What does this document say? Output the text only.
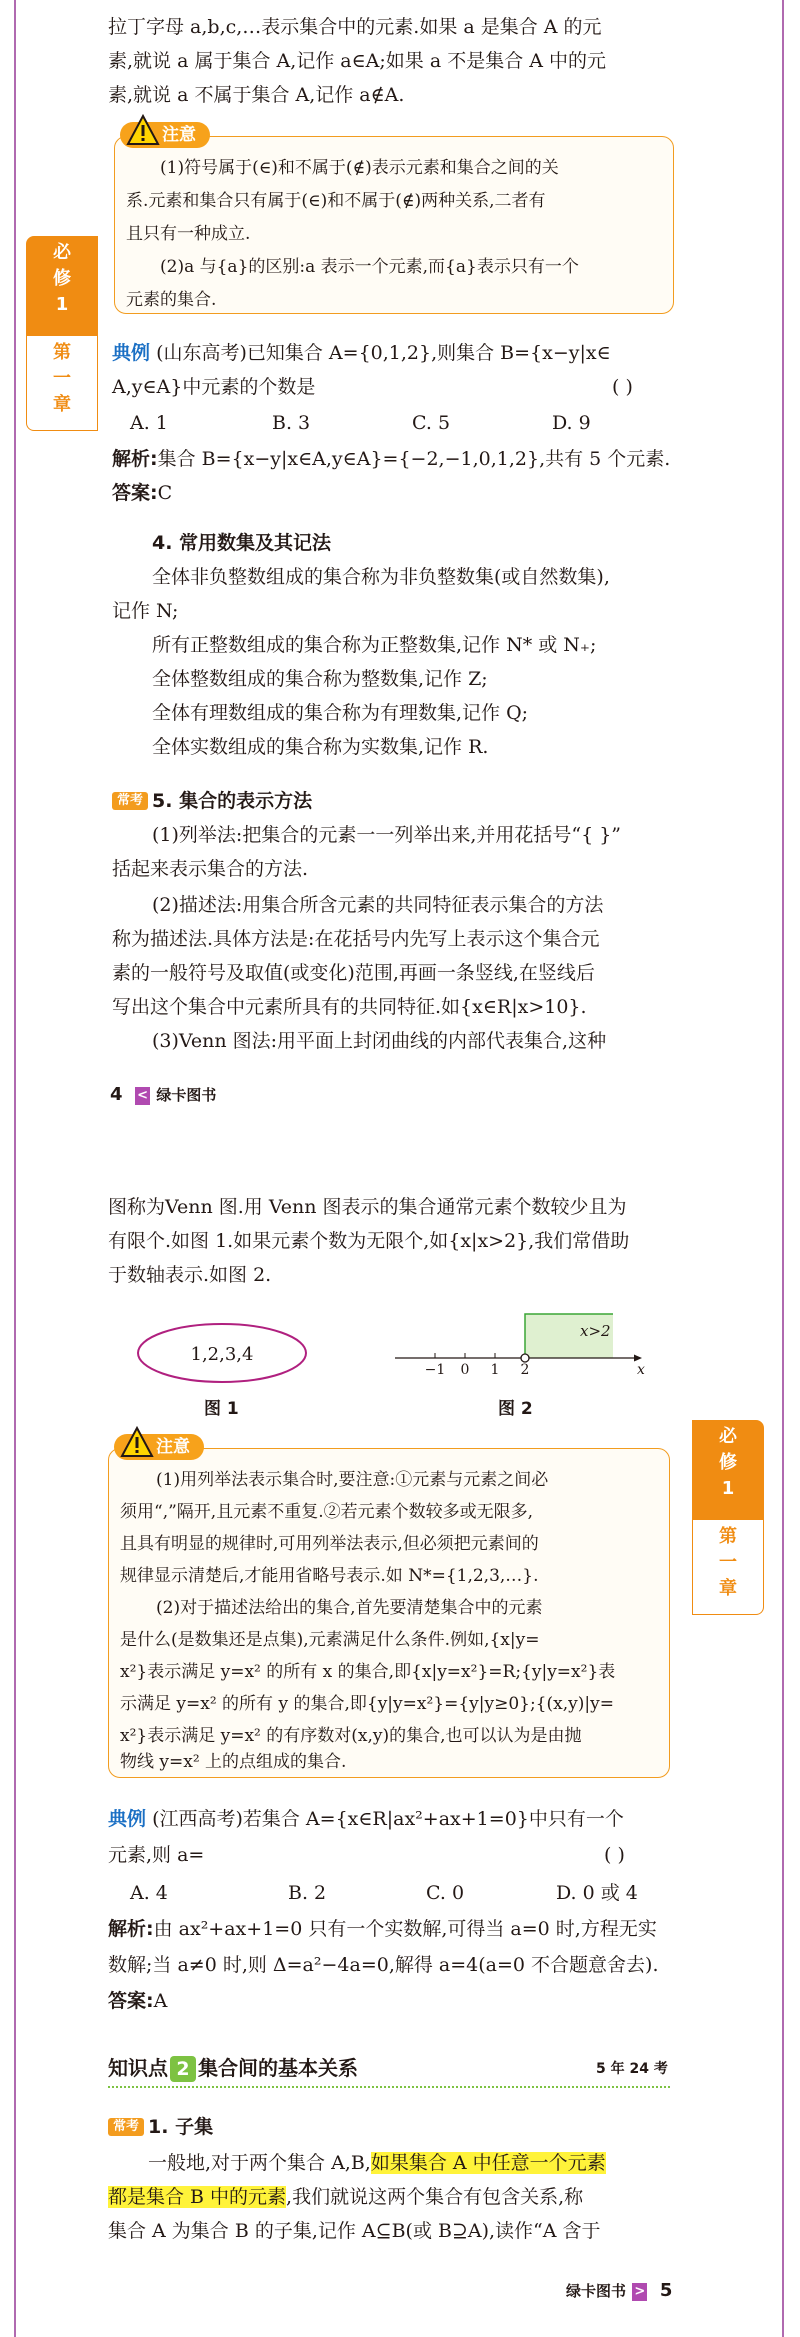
拉丁字母 a,b,c,…表示集合中的元素.如果 a 是集合 A 的元
素,就说 a 属于集合 A,记作 a∈A;如果 a 不是集合 A 中的元
素,就说 a 不属于集合 A,记作 a∉A.
注意
(1)符号属于(∈)和不属于(∉)表示元素和集合之间的关
系.元素和集合只有属于(∈)和不属于(∉)两种关系,二者有
且只有一种成立.
(2)a 与{a}的区别:a 表示一个元素,而{a}表示只有一个
元素的集合.
必
修
1
第
一
章
典例 (山东高考)已知集合 A={0,1,2},则集合 B={x−y|x∈
A,y∈A}中元素的个数是	( )
A. 1	B. 3	C. 5	D. 9
解析:集合 B={x−y|x∈A,y∈A}={−2,−1,0,1,2},共有 5 个元素.
答案:C
4. 常用数集及其记法
全体非负整数组成的集合称为非负整数集(或自然数集),
记作 N;
所有正整数组成的集合称为正整数集,记作 N* 或 N₊;
全体整数组成的集合称为整数集,记作 Z;
全体有理数组成的集合称为有理数集,记作 Q;
全体实数组成的集合称为实数集,记作 R.
常考 5. 集合的表示方法
(1)列举法:把集合的元素一一列举出来,并用花括号“{ }”
括起来表示集合的方法.
(2)描述法:用集合所含元素的共同特征表示集合的方法
称为描述法.具体方法是:在花括号内先写上表示这个集合元
素的一般符号及取值(或变化)范围,再画一条竖线,在竖线后
写出这个集合中元素所具有的共同特征.如{x∈R|x>10}.
(3)Venn 图法:用平面上封闭曲线的内部代表集合,这种
4 < 绿卡图书
图称为Venn 图.用 Venn 图表示的集合通常元素个数较少且为
有限个.如图 1.如果元素个数为无限个,如{x|x>2},我们常借助
于数轴表示.如图 2.
1,2,3,4
图 1
x>2
−1 0 1 2	x
图 2
必
修
1
第
一
章
注意
(1)用列举法表示集合时,要注意:①元素与元素之间必
须用“,”隔开,且元素不重复.②若元素个数较多或无限多,
且具有明显的规律时,可用列举法表示,但必须把元素间的
规律显示清楚后,才能用省略号表示.如 N*={1,2,3,…}.
(2)对于描述法给出的集合,首先要清楚集合中的元素
是什么(是数集还是点集),元素满足什么条件.例如,{x|y=
x²}表示满足 y=x² 的所有 x 的集合,即{x|y=x²}=R;{y|y=x²}表
示满足 y=x² 的所有 y 的集合,即{y|y=x²}={y|y≥0};{(x,y)|y=
x²}表示满足 y=x² 的有序数对(x,y)的集合,也可以认为是由抛
物线 y=x² 上的点组成的集合.
典例 (江西高考)若集合 A={x∈R|ax²+ax+1=0}中只有一个
元素,则 a=	( )
A. 4	B. 2	C. 0	D. 0 或 4
解析:由 ax²+ax+1=0 只有一个实数解,可得当 a=0 时,方程无实
数解;当 a≠0 时,则 Δ=a²−4a=0,解得 a=4(a=0 不合题意舍去).
答案:A
知识点 2 集合间的基本关系	5 年 24 考
常考 1. 子集
一般地,对于两个集合 A,B,如果集合 A 中任意一个元素
都是集合 B 中的元素,我们就说这两个集合有包含关系,称
集合 A 为集合 B 的子集,记作 A⊆B(或 B⊇A),读作“A 含于
绿卡图书 > 5
